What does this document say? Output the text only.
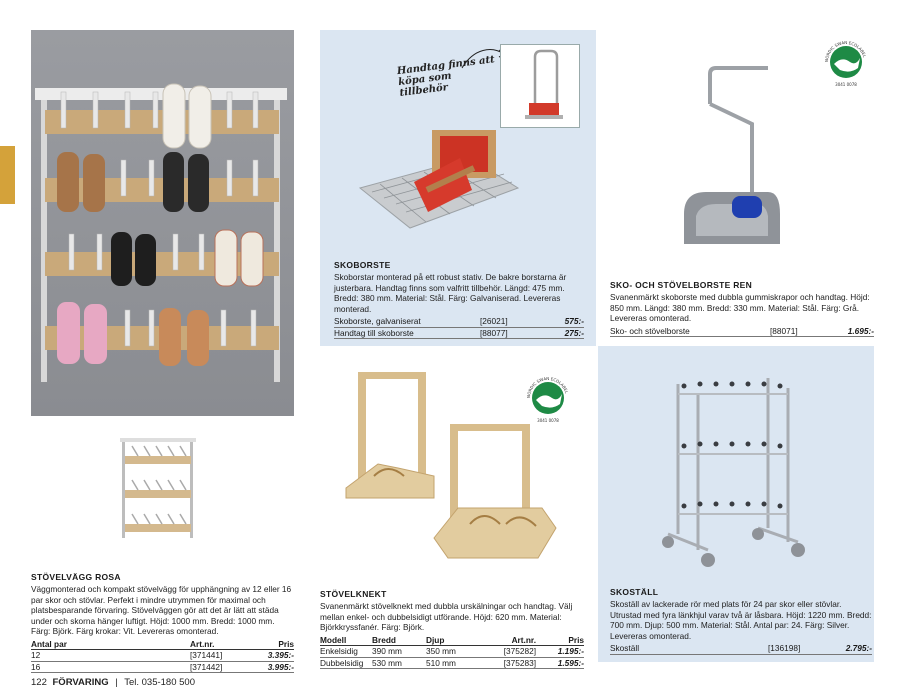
STÖVELVÄGG ROSA
Väggmonterad och kompakt stövelvägg för upphängning av 12 eller 16 par skor och stövlar. Perfekt i mindre utrymmen för maximal och platsbesparande förvaring. Stövelväggen gör att det är lätt att städa under och skorna hänger luftigt. Höjd: 1000 mm. Bredd: 1000 mm. Färg: Björk. Färg krokar: Vit. Levereras omonterad.
Antal par	Art.nr.	Pris
12	[371441]	3.395:-
16	[371442]	3.995:-
Handtag finns att köpa som tillbehör
SKOBORSTE
Skoborstar monterad på ett robust stativ. De bakre borstarna är justerbara. Handtag finns som valfritt tillbehör. Längd: 475 mm. Bredd: 380 mm. Material: Stål. Färg: Galvaniserad. Levereras monterad.
Skoborste, galvaniserat	[26021]	575:-
Handtag till skoborste	[88077]	275:-
NORDIC SWAN ECOLABEL
3041 0078
SKO- OCH STÖVELBORSTE REN
Svanenmärkt skoborste med dubbla gummiskrapor och handtag. Höjd: 850 mm. Längd: 380 mm. Bredd: 330 mm. Material: Stål. Färg: Grå. Levereras omonterad.
Sko- och stövelborste	[88071]	1.695:-
NORDIC SWAN ECOLABEL
3041 0078
STÖVELKNEKT
Svanenmärkt stövelknekt med dubbla urskälningar och handtag. Välj mellan enkel- och dubbelsidigt utförande. Höjd: 620 mm. Material: Björkkryssfanér. Färg: Björk.
Modell	Bredd	Djup	Art.nr.	Pris
Enkelsidig	390 mm	350 mm	[375282]	1.195:-
Dubbelsidig	530 mm	510 mm	[375283]	1.595:-
SKOSTÄLL
Skoställ av lackerade rör med plats för 24 par skor eller stövlar. Utrustad med fyra länkhjul varav två är låsbara. Höjd: 1220 mm. Bredd: 700 mm. Djup: 500 mm. Material: Stål. Antal par: 24. Färg: Silver. Levereras omonterad.
Skoställ	[136198]	2.795:-
122 FÖRVARING | Tel. 035-180 500
